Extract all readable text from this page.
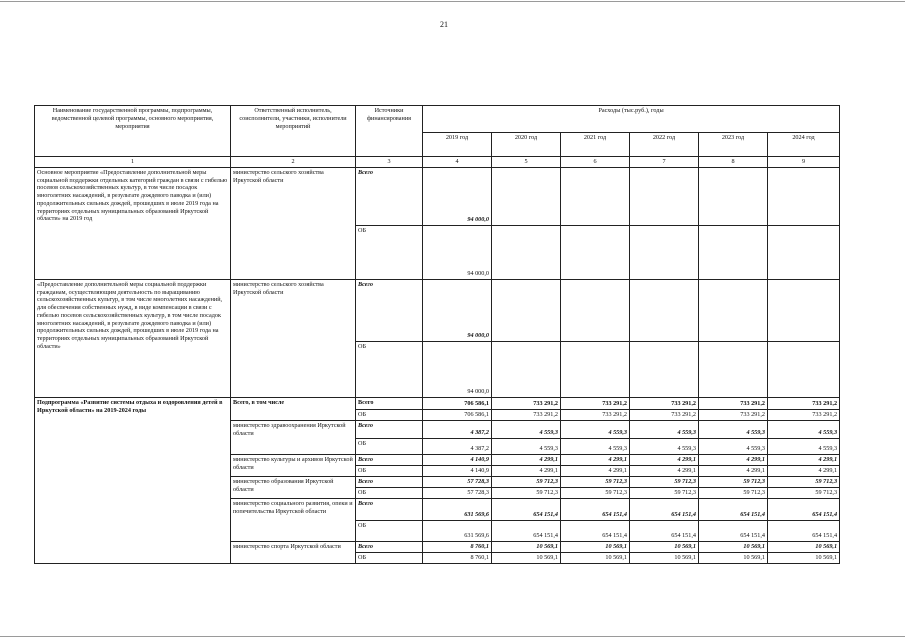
21
Наименование государственной программы, подпрограммы, ведомственной целевой программы, основного мероприятия, мероприятия	Ответственный исполнитель, соисполнители, участники, исполнители мероприятий	Источники финансирования	Расходы (тыс.руб.), годы					
			2019 год	2020 год	2021 год	2022 год	2023 год	2024 год
1	2	3	4	5	6	7	8	9
Основное мероприятие «Предоставление дополнительной меры социальной поддержки отдельных категорий граждан в связи с гибелью посевов сельскохозяйственных культур, в том числе посадок многолетних насаждений, в результате дождевого паводка и (или) продолжительных сильных дождей, прошедших в июле 2019 года на территориях отдельных муниципальных образований Иркутской области» на 2019 год	министерство сельского хозяйства Иркутской области	Всего	94 000,0					
		ОБ	94 000,0					
«Предоставление дополнительной меры социальной поддержки гражданам, осуществляющим деятельность по выращиванию сельскохозяйственных культур, в том числе многолетних насаждений, для обеспечения собственных нужд, в виде компенсации в связи с гибелью посевов сельскохозяйственных культур, в том числе посадок многолетних насаждений, в результате дождевого паводка и (или) продолжительных сильных дождей, прошедших в июле 2019 года на территориях отдельных муниципальных образований Иркутской области»	министерство сельского хозяйства Иркутской области	Всего	94 000,0					
		ОБ	94 000,0					
Подпрограмма «Развитие системы отдыха и оздоровления детей в Иркутской области» на 2019-2024 годы	Всего, в том числе	Всего	706 586,1	733 291,2	733 291,2	733 291,2	733 291,2	733 291,2
		ОБ	706 586,1	733 291,2	733 291,2	733 291,2	733 291,2	733 291,2
	министерство здравоохранения Иркутской области	Всего	4 387,2	4 559,3	4 559,3	4 559,3	4 559,3	4 559,3
		ОБ	4 387,2	4 559,3	4 559,3	4 559,3	4 559,3	4 559,3
	министерство культуры и архивов Иркутской области	Всего	4 140,9	4 299,1	4 299,1	4 299,1	4 299,1	4 299,1
		ОБ	4 140,9	4 299,1	4 299,1	4 299,1	4 299,1	4 299,1
	министерство образования Иркутской области	Всего	57 728,3	59 712,3	59 712,3	59 712,3	59 712,3	59 712,3
		ОБ	57 728,3	59 712,3	59 712,3	59 712,3	59 712,3	59 712,3
	министерство социального развития, опеки и попечительства Иркутской области	Всего	631 569,6	654 151,4	654 151,4	654 151,4	654 151,4	654 151,4
		ОБ	631 569,6	654 151,4	654 151,4	654 151,4	654 151,4	654 151,4
	министерство спорта Иркутской области	Всего	8 760,1	10 569,1	10 569,1	10 569,1	10 569,1	10 569,1
		ОБ	8 760,1	10 569,1	10 569,1	10 569,1	10 569,1	10 569,1
